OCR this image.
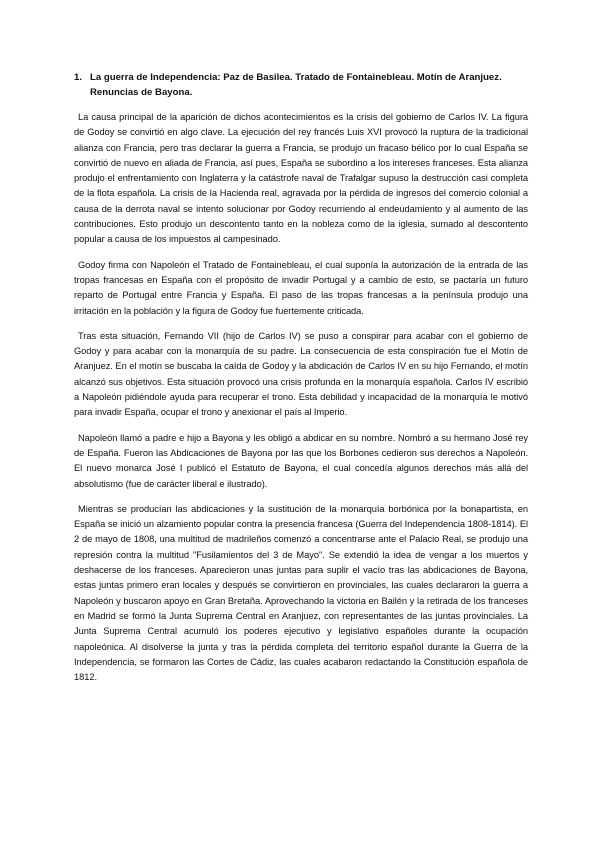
1. La guerra de Independencia: Paz de Basilea. Tratado de Fontainebleau. Motín de Aranjuez. Renuncias de Bayona.

La causa principal de la aparición de dichos acontecimientos es la crisis del gobierno de Carlos IV. La figura de Godoy se convirtió en algo clave. La ejecución del rey francés Luis XVI provocó la ruptura de la tradicional alianza con Francia, pero tras declarar la guerra a Francia, se produjo un fracaso bélico por lo cual España se convirtió de nuevo en aliada de Francia, así pues, España se subordino a los intereses franceses. Esta alianza produjo el enfrentamiento con Inglaterra y la catástrofe naval de Trafalgar supuso la destrucción casi completa de la flota española. La crisis de la Hacienda real, agravada por la pérdida de ingresos del comercio colonial a causa de la derrota naval se intento solucionar por Godoy recurriendo al endeudamiento y al aumento de las contribuciones. Esto produjo un descontento tanto en la nobleza como de la iglesia, sumado al descontento popular a causa de los impuestos al campesinado.

Godoy firma con Napoleón el Tratado de Fontainebleau, el cual suponía la autorización de la entrada de las tropas francesas en España con el propósito de invadir Portugal y a cambio de esto, se pactaría un futuro reparto de Portugal entre Francia y España. El paso de las tropas francesas a la península produjo una irritación en la población y la figura de Godoy fue fuertemente criticada.

Tras esta situación, Fernando VII (hijo de Carlos IV) se puso a conspirar para acabar con el gobierno de Godoy y para acabar con la monarquía de su padre. La consecuencia de esta conspiración fue el Motín de Aranjuez. En el motín se buscaba la caída de Godoy y la abdicación de Carlos IV en su hijo Fernando, el motín alcanzó sus objetivos. Esta situación provocó una crisis profunda en la monarquía española. Carlos IV escribió a Napoleón pidiéndole ayuda para recuperar el trono. Esta debilidad y incapacidad de la monarquía le motivó para invadir España, ocupar el trono y anexionar el país al Imperio.

Napoleón llamó a padre e hijo a Bayona y les obligó a abdicar en su nombre. Nombró a su hermano José rey de España. Fueron las Abdicaciones de Bayona por las que los Borbones cedieron sus derechos a Napoleón. El nuevo monarca José I publicó el Estatuto de Bayona, el cual concedía algunos derechos más allá del absolutismo (fue de carácter liberal e ilustrado).

Mientras se producían las abdicaciones y la sustitución de la monarquía borbónica por la bonapartista, en España se inició un alzamiento popular contra la presencia francesa (Guerra del Independencia 1808-1814). El 2 de mayo de 1808, una multitud de madrileños comenzó a concentrarse ante el Palacio Real, se produjo una represión contra la multitud "Fusilamientos del 3 de Mayo". Se extendió la idea de vengar a los muertos y deshacerse de los franceses. Aparecieron unas juntas para suplir el vacío tras las abdicaciones de Bayona, estas juntas primero eran locales y después se convirtieron en provinciales, las cuales declararon la guerra a Napoleón y buscaron apoyo en Gran Bretaña. Aprovechando la victoria en Bailén y la retirada de los franceses en Madrid se formó la Junta Suprema Central en Aranjuez, con representantes de las juntas provinciales. La Junta Suprema Central acumuló los poderes ejecutivo y legislativo españoles durante la ocupación napoleónica. Al disolverse la junta y tras la pérdida completa del territorio español durante la Guerra de la Independencia, se formaron las Cortes de Cádiz, las cuales acabaron redactando la Constitución española de 1812.
